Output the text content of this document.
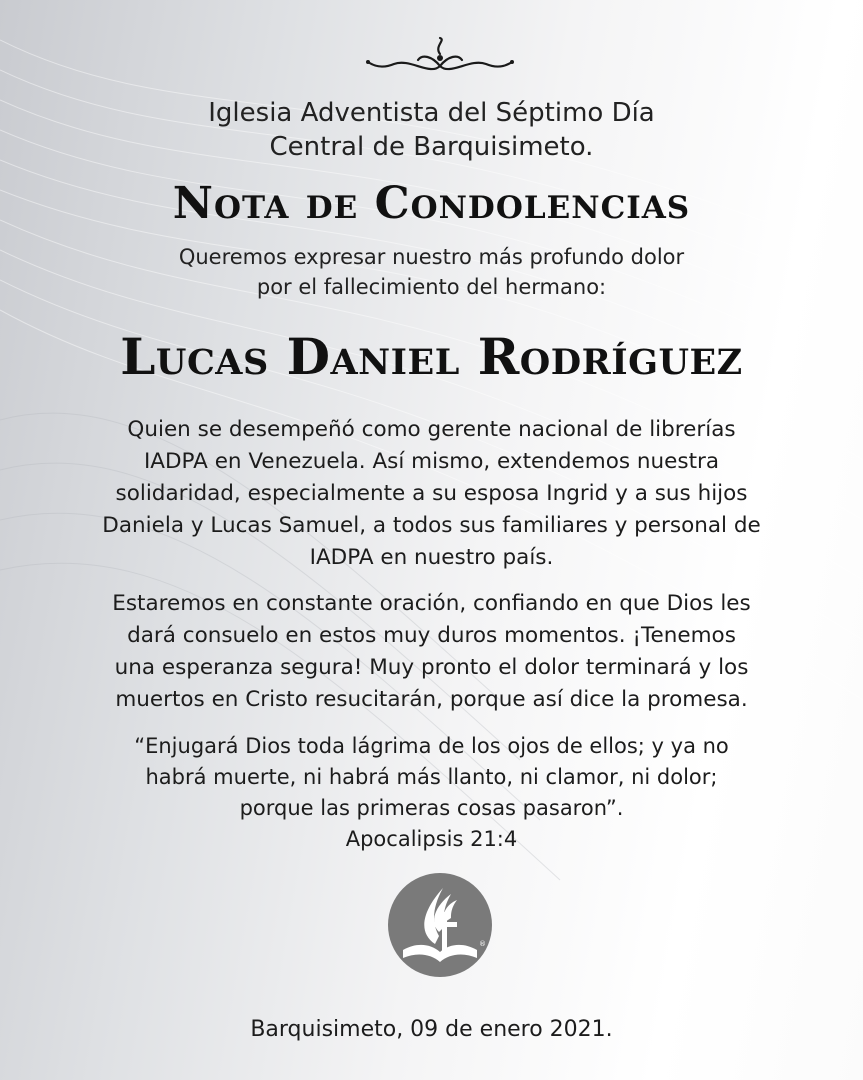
Iglesia Adventista del Séptimo Día
Central de Barquisimeto.

Nota de Condolencias

Queremos expresar nuestro más profundo dolor
por el fallecimiento del hermano:

Lucas Daniel Rodríguez

Quien se desempeñó como gerente nacional de librerías
IADPA en Venezuela. Así mismo, extendemos nuestra
solidaridad, especialmente a su esposa Ingrid y a sus hijos
Daniela y Lucas Samuel, a todos sus familiares y personal de
IADPA en nuestro país.

Estaremos en constante oración, confiando en que Dios les
dará consuelo en estos muy duros momentos. ¡Tenemos
una esperanza segura! Muy pronto el dolor terminará y los
muertos en Cristo resucitarán, porque así dice la promesa.

“Enjugará Dios toda lágrima de los ojos de ellos; y ya no
habrá muerte, ni habrá más llanto, ni clamor, ni dolor;
porque las primeras cosas pasaron”.

Apocalipsis 21:4

®

Barquisimeto, 09 de enero 2021.
